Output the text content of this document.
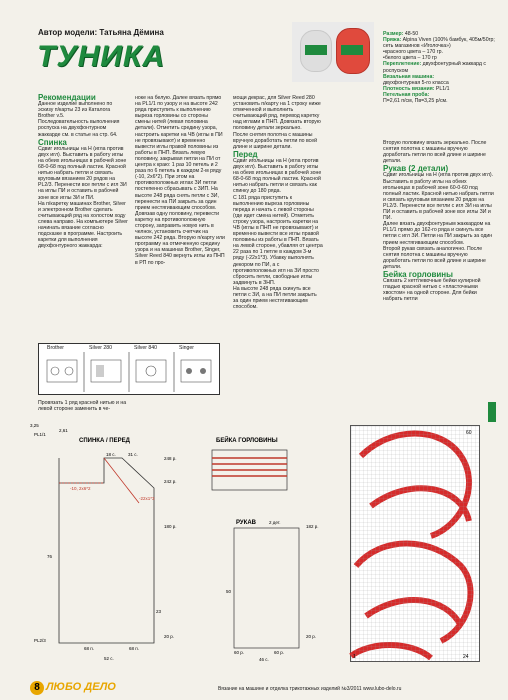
Автор модели: Татьяна Дёмина
ТУНИКА
Размер: 48-50
Пряжа: Alpina Viven (100% бамбук, 405м/50гр; сеть магазинов «Иголочка»)
•красного цвета – 170 гр.
•белого цвета – 170 гр
Переплетение: двухфонтурный жаккард с роспуском
Вязальная машина:
двухфонтурная 5-го класса
Плотность вязания: PL1/1
Петельная проба:
П=2,61 п/см, Пв=3,25 р/см.
Рекомендации
Данное изделие выполнено по эскизу п/карты 23 из Каталога Brother v.5.
Последовательность выполнения роспуска на двухфонтурном жаккарде см. в статье на стр. 64.
Спинка
Сдвиг игольницы на Н (игла против двух игл). Выставить в работу иглы на обеих игольницах в рабочей зоне 68-0-68 под полный ластик. Красной нитью набрать петли и связать круговым вязанием 20 рядов на PL2/3. Перенести все петли с игл ЗИ на иглы ПИ и оставить в рабочей зоне все иглы ЗИ и ПИ.
На п/каретку машинах Brother, Silver и электронном Brother сделать считывающий ряд на холостом ходу слева направо. На компьютере Silver начинать вязание согласно подсказке в программе. Настроить каретки для выполнения двухфонтурного жаккарда:
Brother	Silver 280	Silver 840	Singer
Провязать 1 ряд красной нитью и на левой стороне заменить в че-
ноке на белую. Далее вязать прямо на PL1/1 по узору и на высоте 242 ряда приступить к выполнению выреза горловины со стороны смены нитей (левая половина детали). Отметить средину узора, настроить каретки на ЧВ (иглы в ПИ не провязывают) и временно вывести иглы правой половины из работы в ПНП. Вязать левую половину, закрывая петли на ПИ от центра к краю: 1 раз 10 петель и 2 раза по 6 петель в каждом 2-м ряду (-10, 2х6*2). При этом на противоположных иглах ЗИ петли постепенно сбрасывать с 3ИП. На высоте 248 ряда снять петли с ЗИ, перенести на ПИ закрыть за один прием нестягивающим способом.
Довязав одну половину, перевести каретку на противоположную сторону, заправить новую нить в челнок, установить счетчик на высоте 242 ряда. Вторую п/карту или программу на отмеченную средину узора и на машинах Brother, Singer, Silver Reed 840 вернуть иглы из ПНП в РП по про-
мощи декраc, для Silver Reed 280 установить п/карту на 1 строку ниже отмеченной и выполнить считывающий ряд, перевод каретку над иглами в ПНП. Довязать вторую половину детали зеркально.
После снятия полотна с машины вручную доработать петли по всей длине и ширине детали.
Перед
Сдвиг игольницы на Н (игла против двух игл). Выставить в работу иглы на обеих игольницах в рабочей зоне 68-0-68 под полный ластик. Красной нитью набрать петли и связать как спинку до 180 ряда.
С 181 ряда приступить к выполнению выреза горловины переда и начать с левой стороны (где идет смена нитей). Отметить строку узора, настроить каретки на ЧВ (иглы в ПНП не провязывают) и временно вывести все иглы правой половины из работы в ПНП. Вязать на левой стороне, убавляя от центра 22 раза по 1 петле в каждом 3-м ряду (-22х1*3). Убавку выполнять декором по ПИ, а с противоположных игл на ЗИ просто сбросить петли, свободные иглы задвинуть в ЗНП.
На высоте 248 ряда скинуть все петли с ЗИ, а на ПИ петли закрыть за один прием нестягивающим способом.
Вторую половину вязать зеркально. После снятия полотна с машины вручную доработать петли по всей длине и ширине детали.
Рукав (2 детали)
Сдвиг игольницы на Н (игла против двух игл). Выставить в работу иглы на обеих игольницах в рабочей зоне 60-0-60 под полный ластик. Красной нитью набрать петли и связать круговым вязанием 20 рядов на PL2/3. Перенести все петли с игл ЗИ на иглы ПИ и оставить в рабочей зоне все иглы ЗИ и ПИ.
Далее вязать двухфонтурным жаккардом на PL1/1 прямо до 162-го ряда и скинуть все петли с игл ЗИ. Петли на ПИ закрыть за один прием нестягивающим способом.
Второй рукав связать аналогично. После снятия полотна с машины вручную доработать петли по всей длине и ширине детали.
Бейка горловины
Связать 2 кеттлевочные бейки кулирной гладью красной нитью с «пласточными хвостом» на одной стороне. Для бейки набрать петли
СПИНКА / ПЕРЕД	БЕЙКА ГОРЛОВИНЫ
РУКАВ	2 дет.
PL1/1
PL2/3
3,25
2,61
248 р.
242 р.
180 р.	182 р.
20 р.	20 р.
-10, 2х6*2
-22х1*3
18 с.	31 с.
60 р.	60 р.
68 п.	68 п.
46 с.
52 с.
23
76
50
1	24
60
8 ЛЮБО ДЕЛО	Вязание на машине и отделка трикотажных изделий №3/2011 www.lubo-delo.ru
